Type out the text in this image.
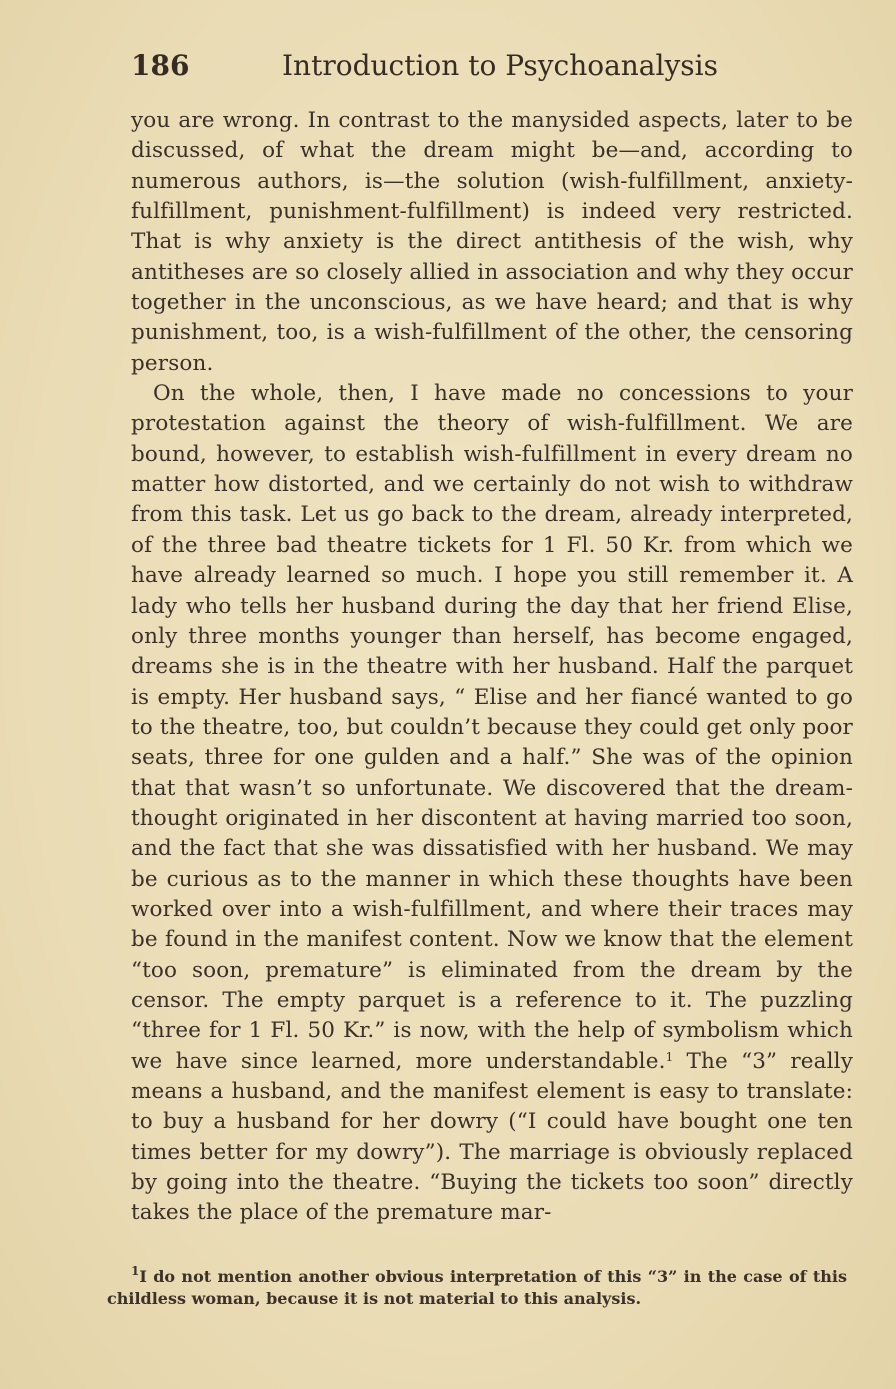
186	Introduction to Psychoanalysis

you are wrong. In contrast to the manysided aspects, later to be discussed, of what the dream might be—and, according to numerous authors, is—the solution (wish-fulfillment, anxiety-fulfillment, punishment-fulfillment) is indeed very restricted. That is why anxiety is the direct antithesis of the wish, why antitheses are so closely allied in association and why they occur together in the unconscious, as we have heard; and that is why punishment, too, is a wish-fulfillment of the other, the censoring person.

On the whole, then, I have made no concessions to your protestation against the theory of wish-fulfillment. We are bound, however, to establish wish-fulfillment in every dream no matter how distorted, and we certainly do not wish to withdraw from this task. Let us go back to the dream, already interpreted, of the three bad theatre tickets for 1 Fl. 50 Kr. from which we have already learned so much. I hope you still remember it. A lady who tells her husband during the day that her friend Elise, only three months younger than herself, has become engaged, dreams she is in the theatre with her husband. Half the parquet is empty. Her husband says, “ Elise and her fiancé wanted to go to the theatre, too, but couldn’t because they could get only poor seats, three for one gulden and a half.” She was of the opinion that that wasn’t so unfortunate. We discovered that the dream-thought originated in her discontent at having married too soon, and the fact that she was dissatisfied with her husband. We may be curious as to the manner in which these thoughts have been worked over into a wish-fulfillment, and where their traces may be found in the manifest content. Now we know that the element “too soon, premature” is eliminated from the dream by the censor. The empty parquet is a reference to it. The puzzling “three for 1 Fl. 50 Kr.” is now, with the help of symbolism which we have since learned, more understandable.$^1$ The “3” really means a husband, and the manifest element is easy to translate: to buy a husband for her dowry (“I could have bought one ten times better for my dowry”). The marriage is obviously replaced by going into the theatre. “Buying the tickets too soon” directly takes the place of the premature mar-

$^1$I do not mention another obvious interpretation of this “3” in the case of this childless woman, because it is not material to this analysis.
